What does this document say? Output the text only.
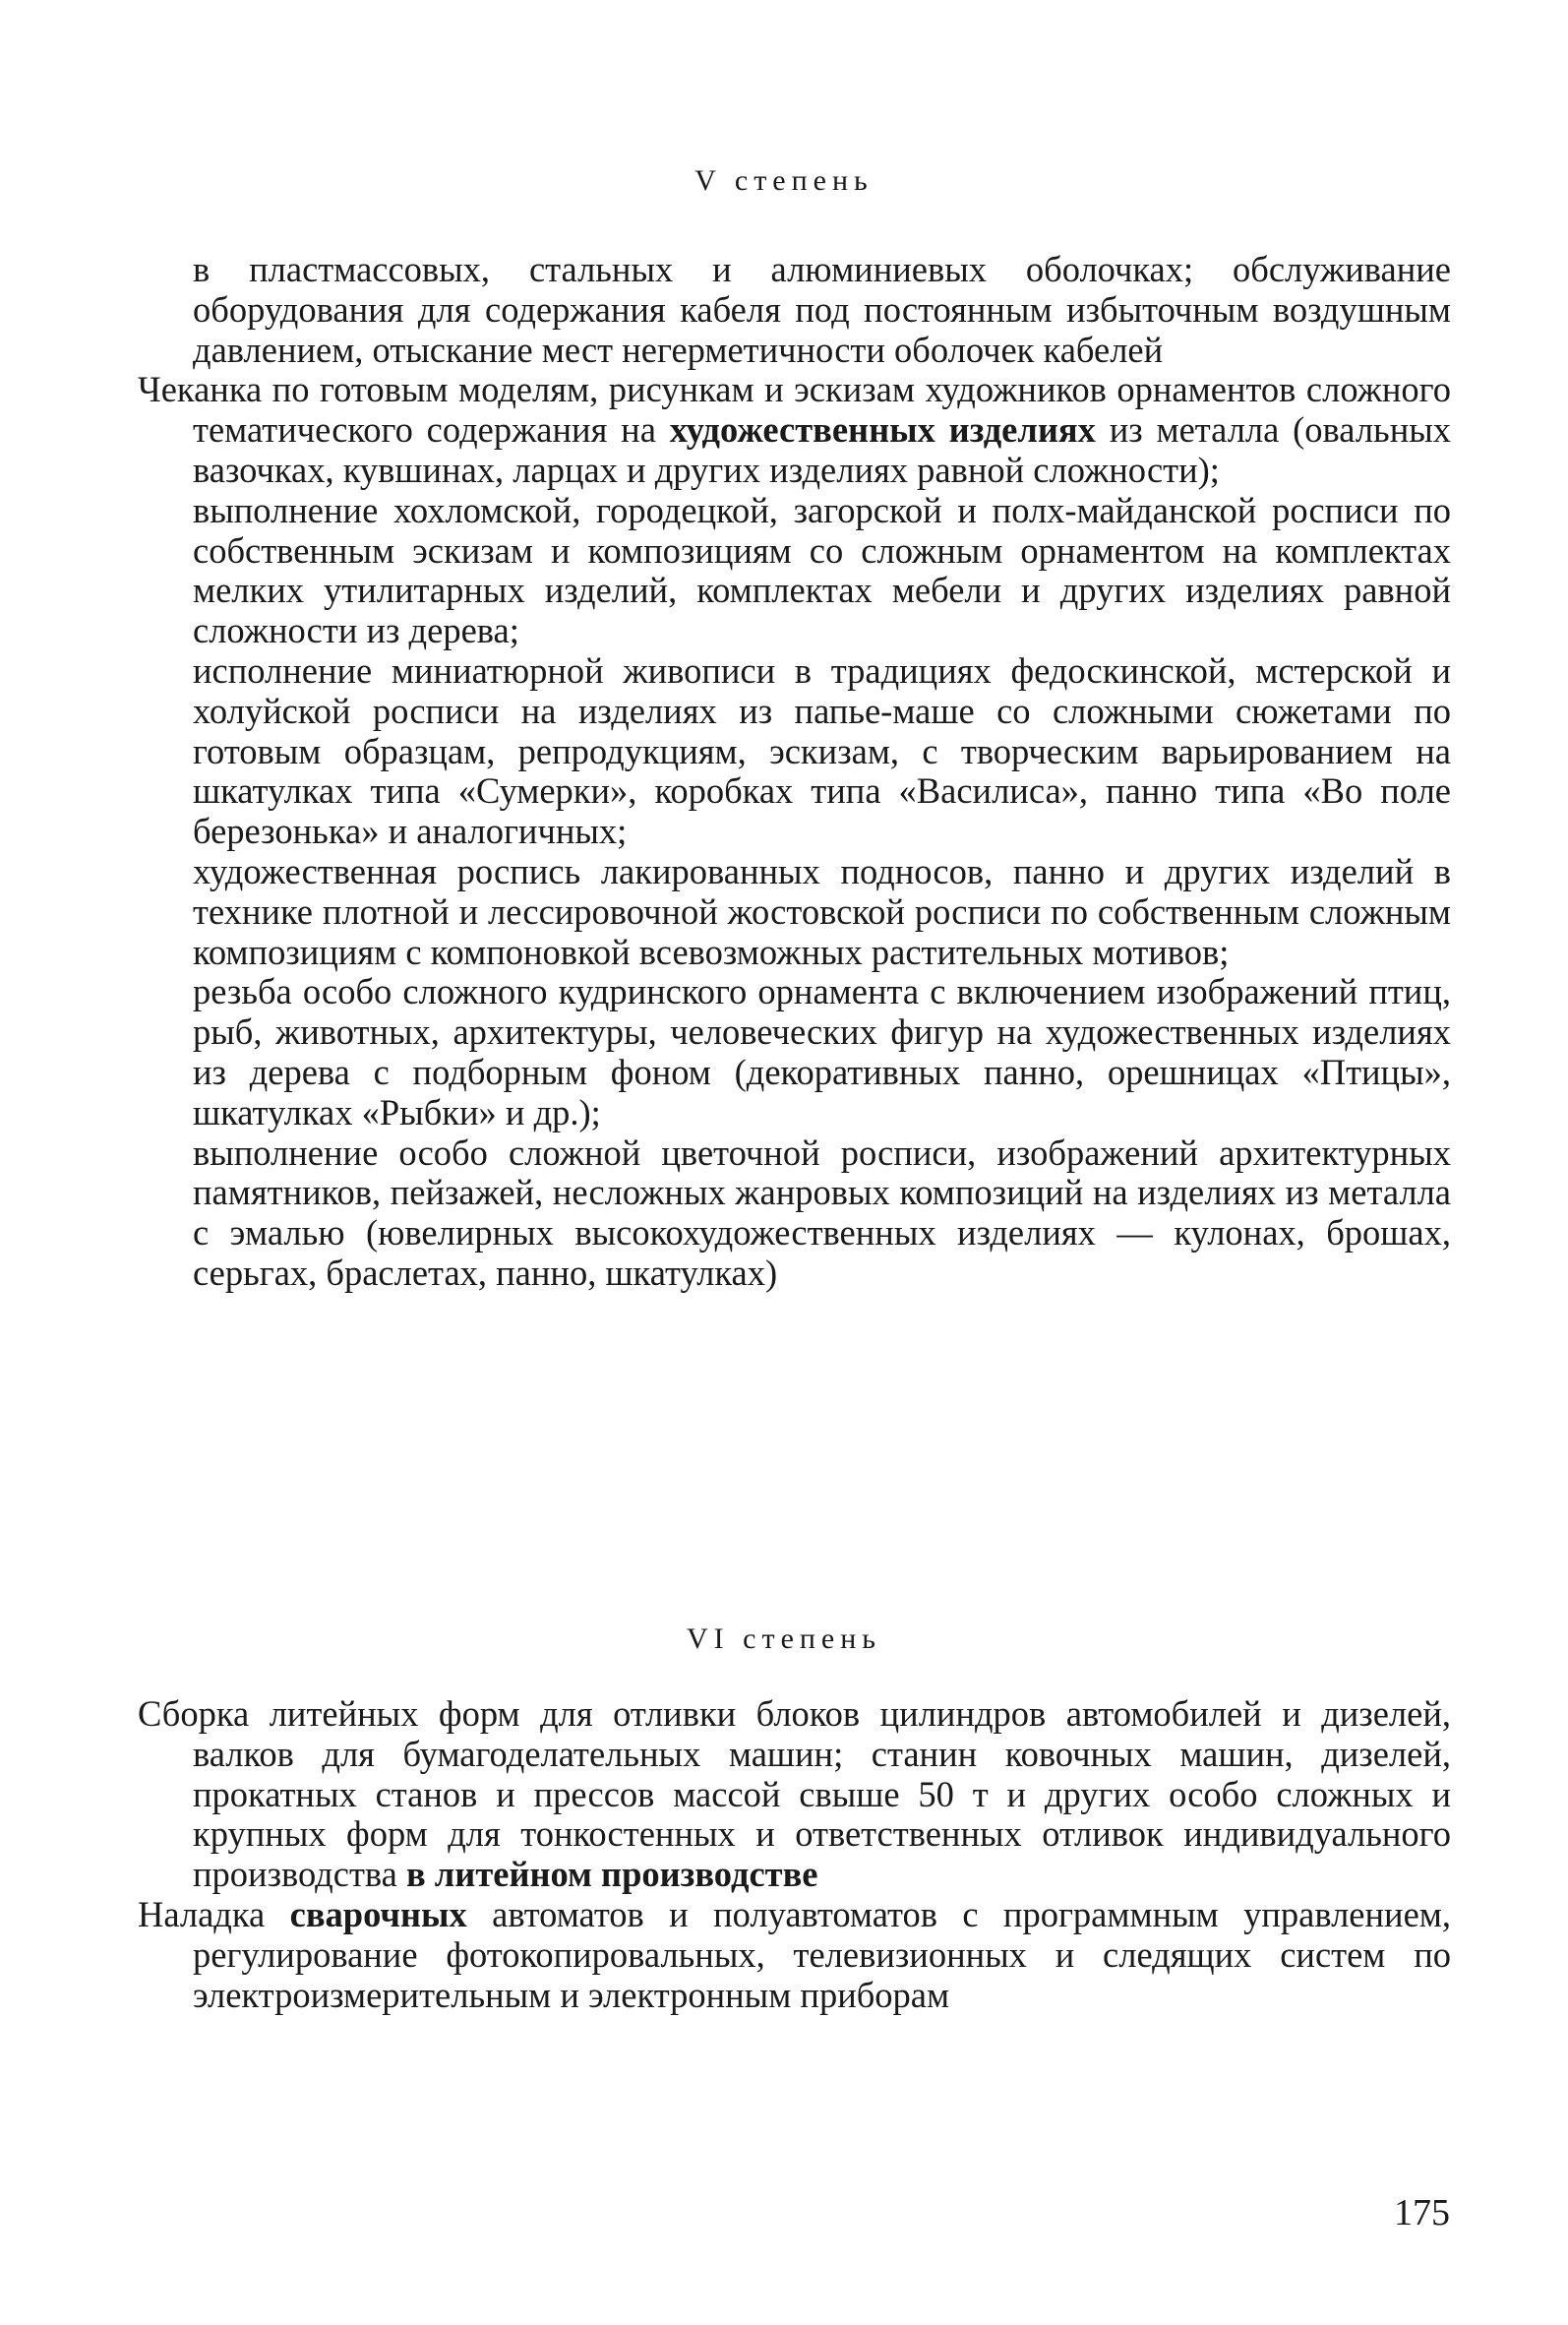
V степень

в пластмассовых, стальных и алюминиевых оболочках; обслуживание оборудования для содержания кабеля под постоянным избыточным воздушным давлением, отыскание мест негерметичности оболочек кабелей

Чеканка по готовым моделям, рисункам и эскизам художников орнаментов сложного тематического содержания на художественных изделиях из металла (овальных вазочках, кувшинах, ларцах и других изделиях равной сложности);

выполнение хохломской, городецкой, загорской и полх-майданской росписи по собственным эскизам и композициям со сложным орнаментом на комплектах мелких утилитарных изделий, комплектах мебели и других изделиях равной сложности из дерева;

исполнение миниатюрной живописи в традициях федоскинской, мстерской и холуйской росписи на изделиях из папье-маше со сложными сюжетами по готовым образцам, репродукциям, эскизам, с творческим варьированием на шкатулках типа «Сумерки», коробках типа «Василиса», панно типа «Во поле березонька» и аналогичных;

художественная роспись лакированных подносов, панно и других изделий в технике плотной и лессировочной жостовской росписи по собственным сложным композициям с компоновкой всевозможных растительных мотивов;

резьба особо сложного кудринского орнамента с включением изображений птиц, рыб, животных, архитектуры, человеческих фигур на художественных изделиях из дерева с подборным фоном (декоративных панно, орешницах «Птицы», шкатулках «Рыбки» и др.);

выполнение особо сложной цветочной росписи, изображений архитектурных памятников, пейзажей, несложных жанровых композиций на изделиях из металла с эмалью (ювелирных высокохудожественных изделиях — кулонах, брошах, серьгах, браслетах, панно, шкатулках)

VI степень

Сборка литейных форм для отливки блоков цилиндров автомобилей и дизелей, валков для бумагоделательных машин; станин ковочных машин, дизелей, прокатных станов и прессов массой свыше 50 т и других особо сложных и крупных форм для тонкостенных и ответственных отливок индивидуального производства в литейном производстве

Наладка сварочных автоматов и полуавтоматов с программным управлением, регулирование фотокопировальных, телевизионных и следящих систем по электроизмерительным и электронным приборам

175
